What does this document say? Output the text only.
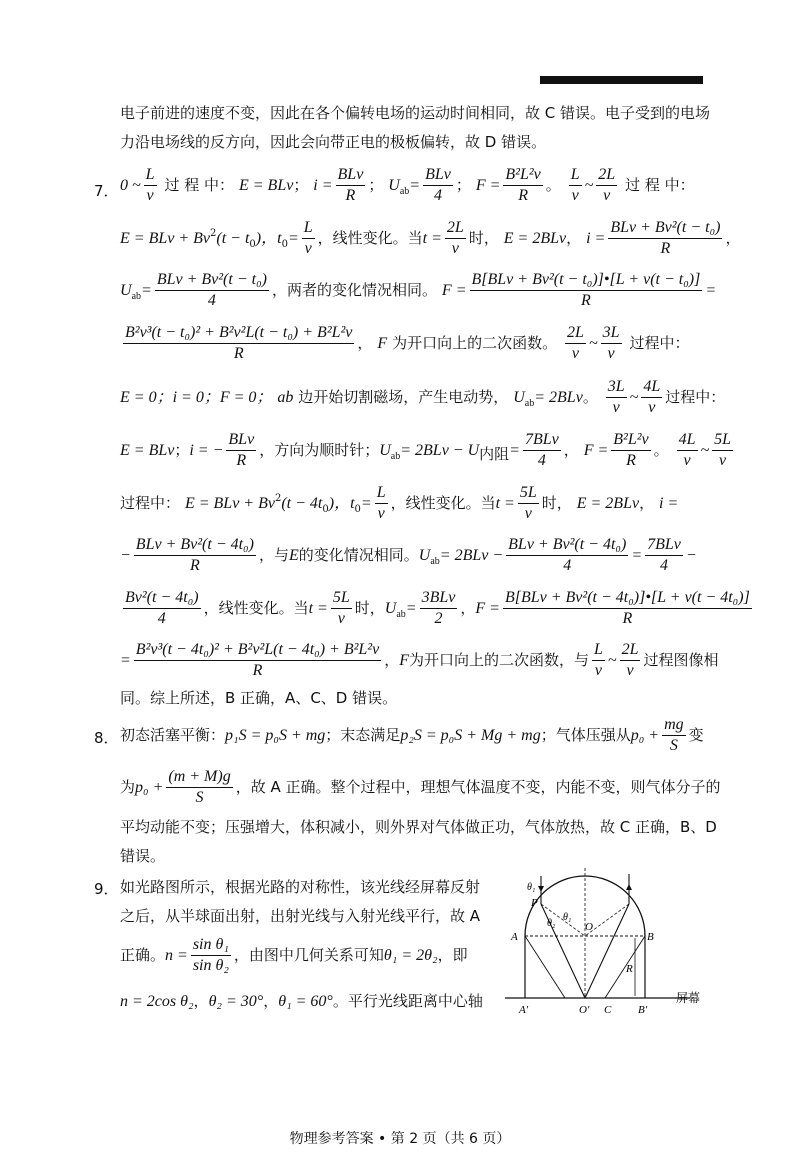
电子前进的速度不变，因此在各个偏转电场的运动时间相同，故 C 错误。电子受到的电场
力沿电场线的反方向，因此会向带正电的极板偏转，故 D 错误。
7． 0 ~ $\frac{L}{v}$ 过 程 中： E = BLv； $i = \frac{\text{BLv}}{R}$ ； $U_{ab}= \frac{\text{BLv}}{4}$ ； $F = \frac{\text{B²L²v}}{R}$ 。 $\frac{L}{v}$ ~ $\frac{2L}{v}$ 过 程 中：
E = BLv + $Bv^2(t - t_0)$，$t_0= \frac{L}{v}$ ，线性变化。当$t = \frac{2L}{v}$ 时， E = 2BLv， $i = \frac{\text{BLv + Bv²(t − t₀)}}{R}$ ，
$U_{ab}= \frac{\text{BLv + Bv²(t − t₀)}}{4}$ ，两者的变化情况相同。 $F = \frac{\text{B[BLv + Bv²(t − t₀)]•[L + v(t − t₀)]}}{R}$ =
$\frac{\text{B²v³(t − t₀)² + B²v²L(t − t₀) + B²L²v}}{R}$ ， F 为开口向上的二次函数。 $\frac{2L}{v}$ ~ $\frac{3L}{v}$ 过程中：
E = 0；i = 0；F = 0； ab 边开始切割磁场，产生电动势， $U_{ab}= 2BLv$。 $\frac{3L}{v}$ ~ $\frac{4L}{v}$ 过程中：
E = BLv；i = − $\frac{\text{BLv}}{R}$ ，方向为顺时针；$U_{ab}= 2BLv - U$内阻= $\frac{\text{7BLv}}{4}$ ， $F = \frac{\text{B²L²v}}{R}$ 。 $\frac{4L}{v}$ ~ $\frac{5L}{v}$
过程中： E = BLv + $Bv^2(t - 4t_0)$，$t_0= \frac{L}{v}$ ，线性变化。当$t = \frac{5L}{v}$ 时， E = 2BLv， i =
− $\frac{\text{BLv + Bv²(t − 4t₀)}}{R}$ ，与E的变化情况相同。$U_{ab}= 2BLv - \frac{\text{BLv + Bv²(t − 4t₀)}}{4} = \frac{\text{7BLv}}{4}$ −
$\frac{\text{Bv²(t − 4t₀)}}{4}$ ，线性变化。当$t = \frac{5L}{v}$ 时，$U_{ab}= \frac{\text{3BLv}}{2}$ ，$F = \frac{\text{B[BLv + Bv²(t − 4t₀)]•[L + v(t − 4t₀)]}}{R}$
= $\frac{\text{B²v³(t − 4t₀)² + B²v²L(t − 4t₀) + B²L²v}}{R}$ ，F为开口向上的二次函数，与 $\frac{L}{v}$ ~ $\frac{2L}{v}$ 过程图像相
同。综上所述，B 正确，A、C、D 错误。
8． 初态活塞平衡：p₁S = p₀S + mg；末态满足p₂S = p₀S + Mg + mg；气体压强从$p_0 + \frac{mg}{S}$ 变
为$p_0 + \frac{(m + M)g}{S}$ ，故 A 正确。整个过程中，理想气体温度不变，内能不变，则气体分子的
平均动能不变；压强增大，体积减小，则外界对气体做正功，气体放热，故 C 正确，B、D
错误。
9． 如光路图所示，根据光路的对称性，该光线经屏幕反射
之后，从半球面出射，出射光线与入射光线平行，故 A
正确。$n = \frac{\text{sin θ₁}}{\text{sin θ₂}}$ ，由图中几何关系可知θ₁ = 2θ₂，即
n = 2cos θ₂，θ₂ = 30°，θ₁ = 60°。平行光线距离中心轴
θ₁
θ₁
θ₂
P
O
A	B
R
A′	O′ C B′
屏幕
物理参考答案 • 第 2 页（共 6 页）
